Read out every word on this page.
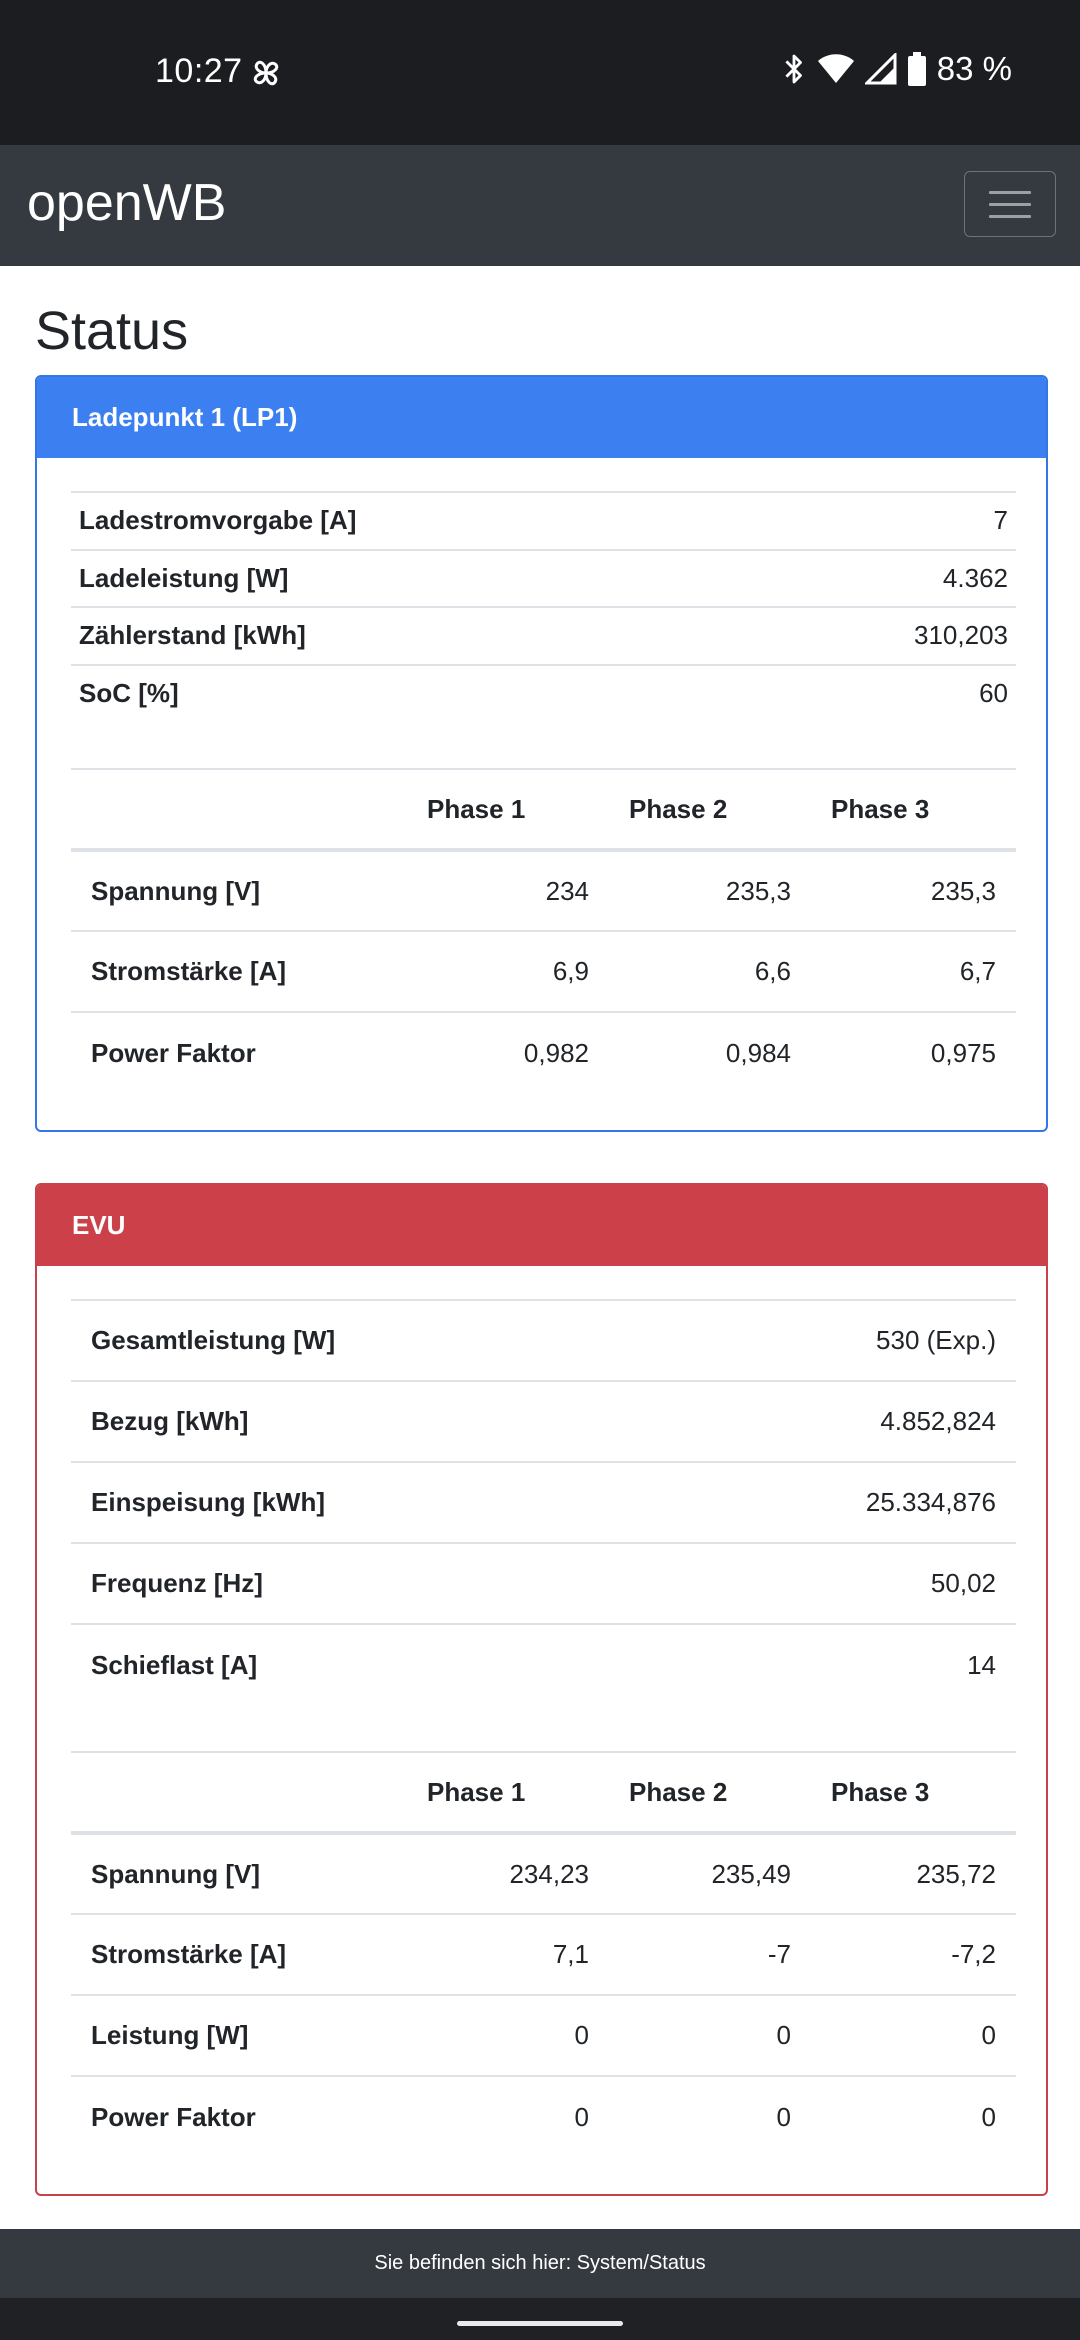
10:27	83 %
openWB
Status
Ladepunkt 1 (LP1)
Ladestromvorgabe [A]	7
Ladeleistung [W]	4.362
Zählerstand [kWh]	310,203
SoC [%]	60
	Phase 1	Phase 2	Phase 3
Spannung [V]	234	235,3	235,3
Stromstärke [A]	6,9	6,6	6,7
Power Faktor	0,982	0,984	0,975
EVU
Gesamtleistung [W]	530 (Exp.)
Bezug [kWh]	4.852,824
Einspeisung [kWh]	25.334,876
Frequenz [Hz]	50,02
Schieflast [A]	14
	Phase 1	Phase 2	Phase 3
Spannung [V]	234,23	235,49	235,72
Stromstärke [A]	7,1	-7	-7,2
Leistung [W]	0	0	0
Power Faktor	0	0	0
Sie befinden sich hier: System/Status
